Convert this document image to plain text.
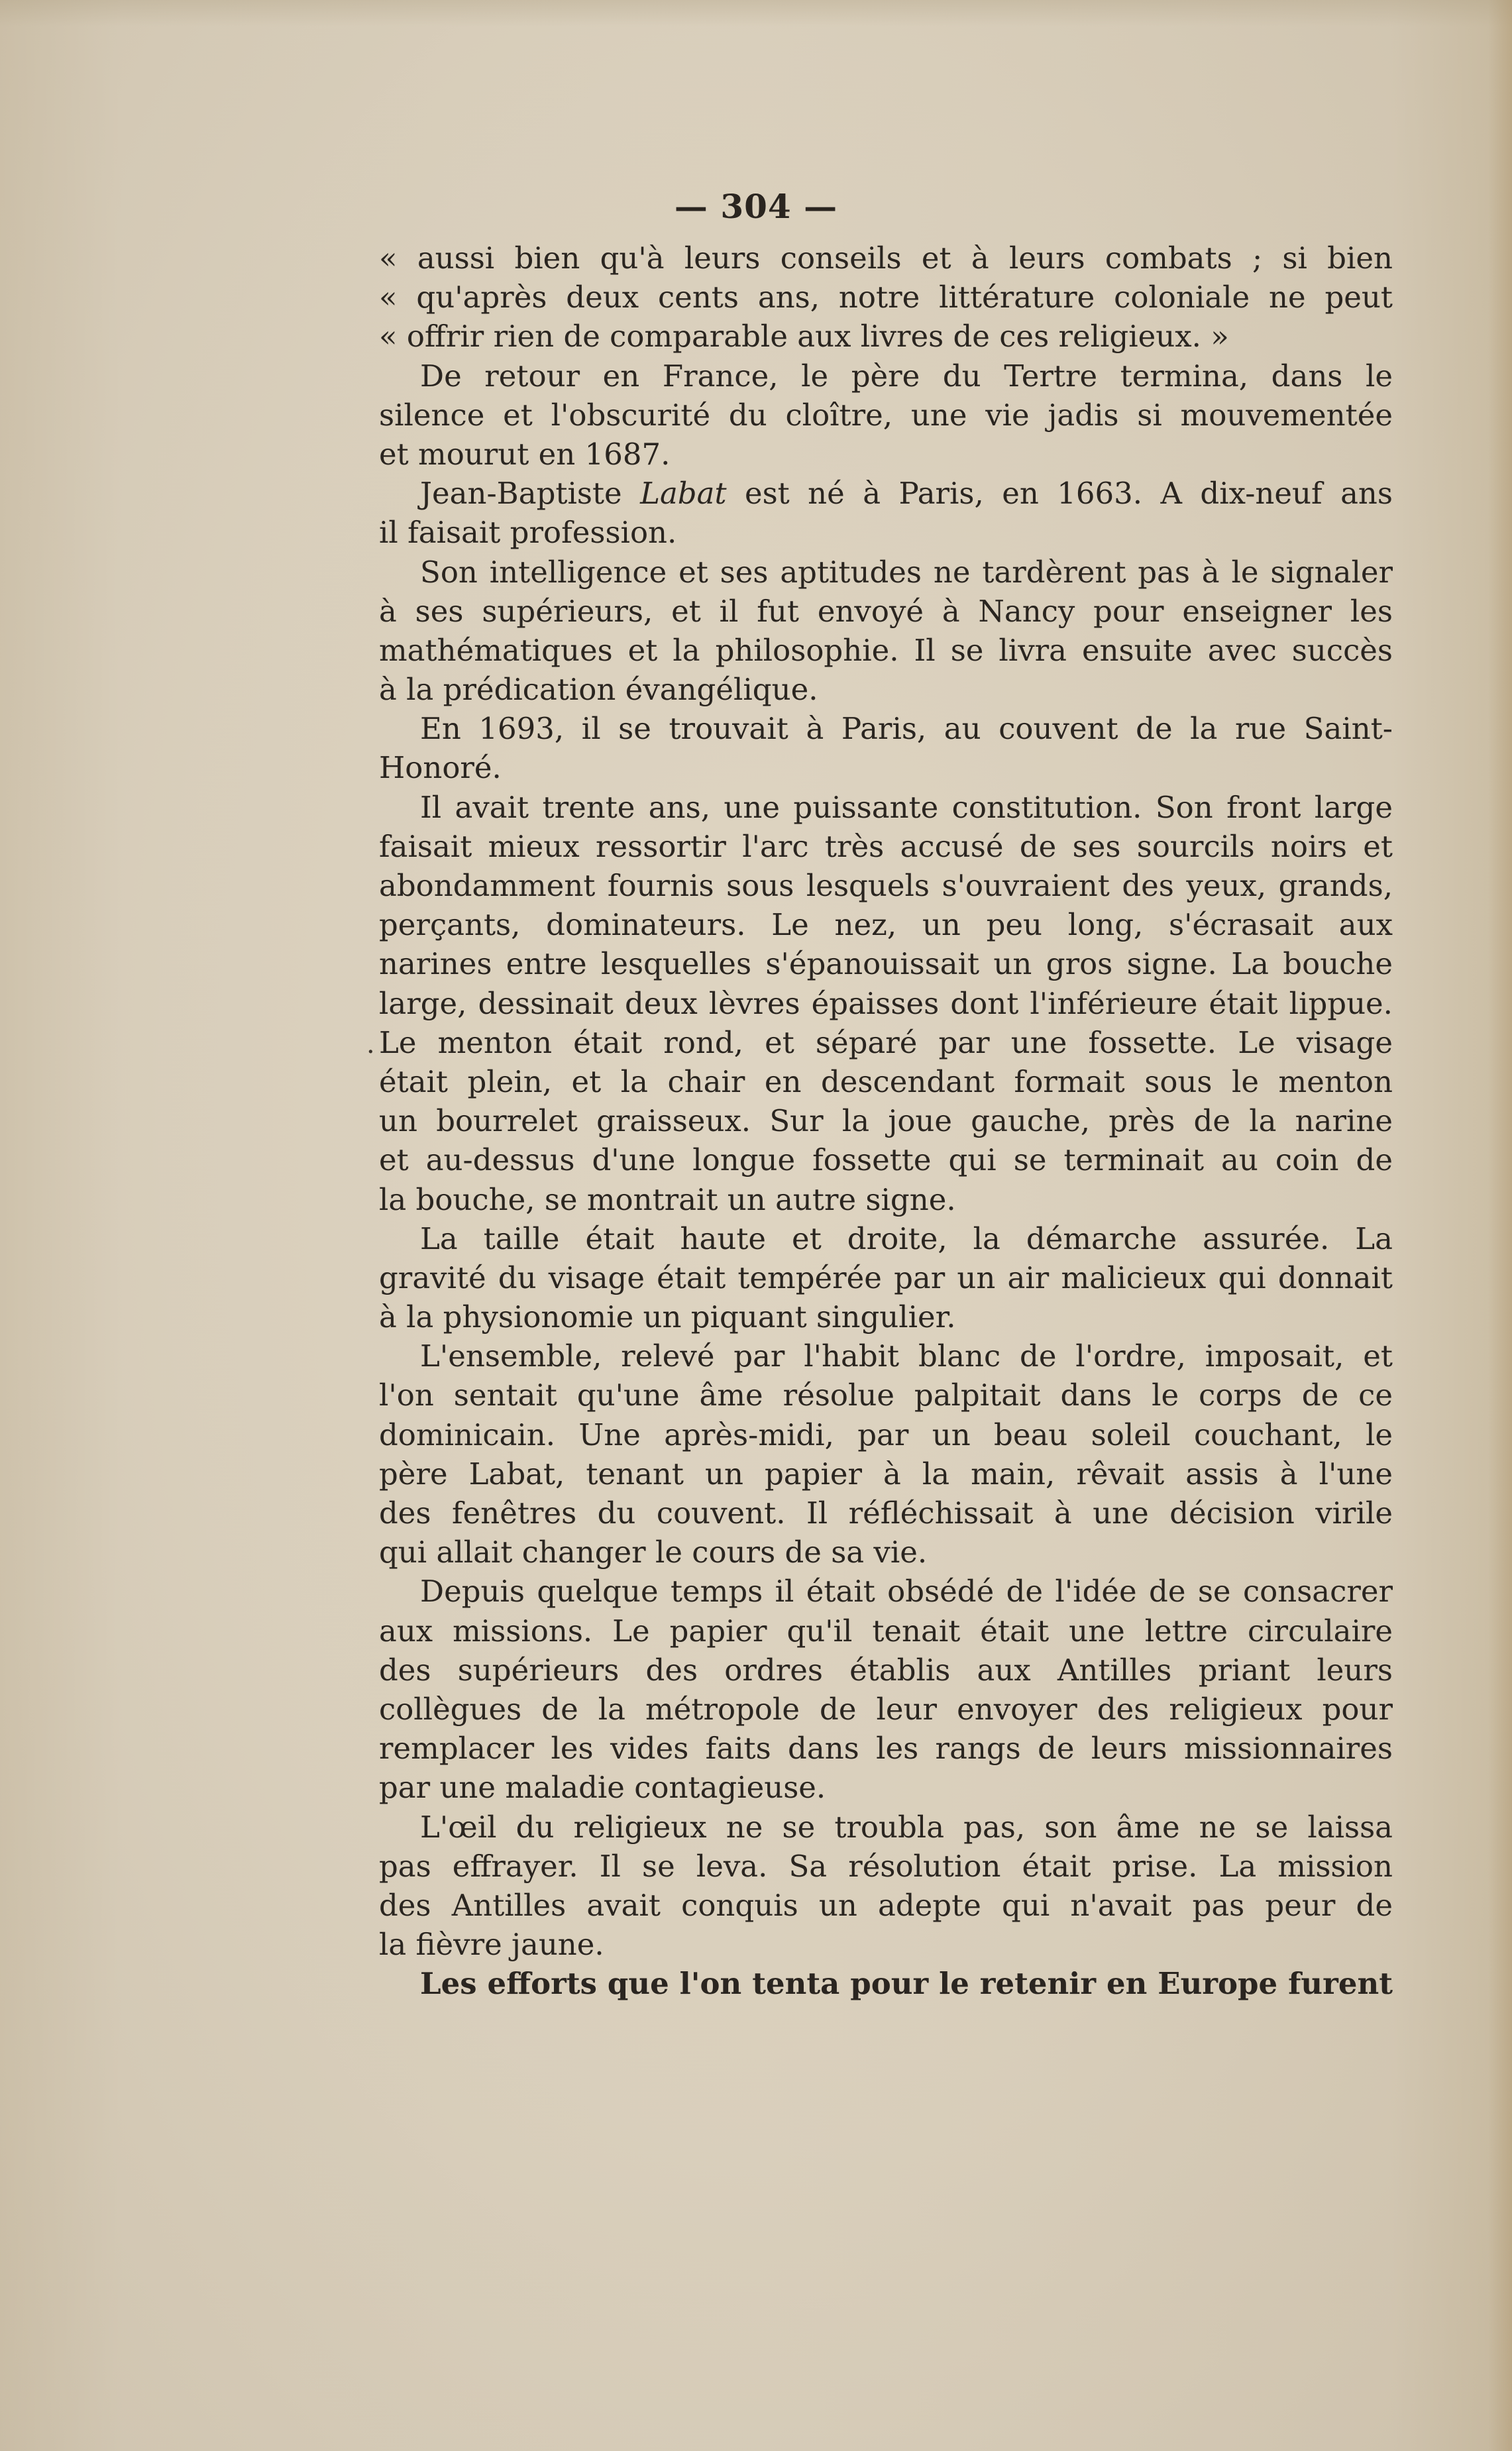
— 304 —
« aussi bien qu'à leurs conseils et à leurs combats ; si bien
« qu'après deux cents ans, notre littérature coloniale ne peut
« offrir rien de comparable aux livres de ces religieux. »
De retour en France, le père du Tertre termina, dans le
silence et l'obscurité du cloître, une vie jadis si mouvementée
et mourut en 1687.
Jean-Baptiste Labat est né à Paris, en 1663. A dix-neuf ans
il faisait profession.
Son intelligence et ses aptitudes ne tardèrent pas à le signaler
à ses supérieurs, et il fut envoyé à Nancy pour enseigner les
mathématiques et la philosophie. Il se livra ensuite avec succès
à la prédication évangélique.
En 1693, il se trouvait à Paris, au couvent de la rue Saint-
Honoré.
Il avait trente ans, une puissante constitution. Son front large
faisait mieux ressortir l'arc très accusé de ses sourcils noirs et
abondamment fournis sous lesquels s'ouvraient des yeux, grands,
perçants, dominateurs. Le nez, un peu long, s'écrasait aux
narines entre lesquelles s'épanouissait un gros signe. La bouche
large, dessinait deux lèvres épaisses dont l'inférieure était lippue.
Le menton était rond, et séparé par une fossette. Le visage
était plein, et la chair en descendant formait sous le menton
un bourrelet graisseux. Sur la joue gauche, près de la narine
et au-dessus d'une longue fossette qui se terminait au coin de
la bouche, se montrait un autre signe.
La taille était haute et droite, la démarche assurée. La
gravité du visage était tempérée par un air malicieux qui donnait
à la physionomie un piquant singulier.
L'ensemble, relevé par l'habit blanc de l'ordre, imposait, et
l'on sentait qu'une âme résolue palpitait dans le corps de ce
dominicain. Une après-midi, par un beau soleil couchant, le
père Labat, tenant un papier à la main, rêvait assis à l'une
des fenêtres du couvent. Il réfléchissait à une décision virile
qui allait changer le cours de sa vie.
Depuis quelque temps il était obsédé de l'idée de se consacrer
aux missions. Le papier qu'il tenait était une lettre circulaire
des supérieurs des ordres établis aux Antilles priant leurs
collègues de la métropole de leur envoyer des religieux pour
remplacer les vides faits dans les rangs de leurs missionnaires
par une maladie contagieuse.
L'œil du religieux ne se troubla pas, son âme ne se laissa
pas effrayer. Il se leva. Sa résolution était prise. La mission
des Antilles avait conquis un adepte qui n'avait pas peur de
la fièvre jaune.
Les efforts que l'on tenta pour le retenir en Europe furent
·
